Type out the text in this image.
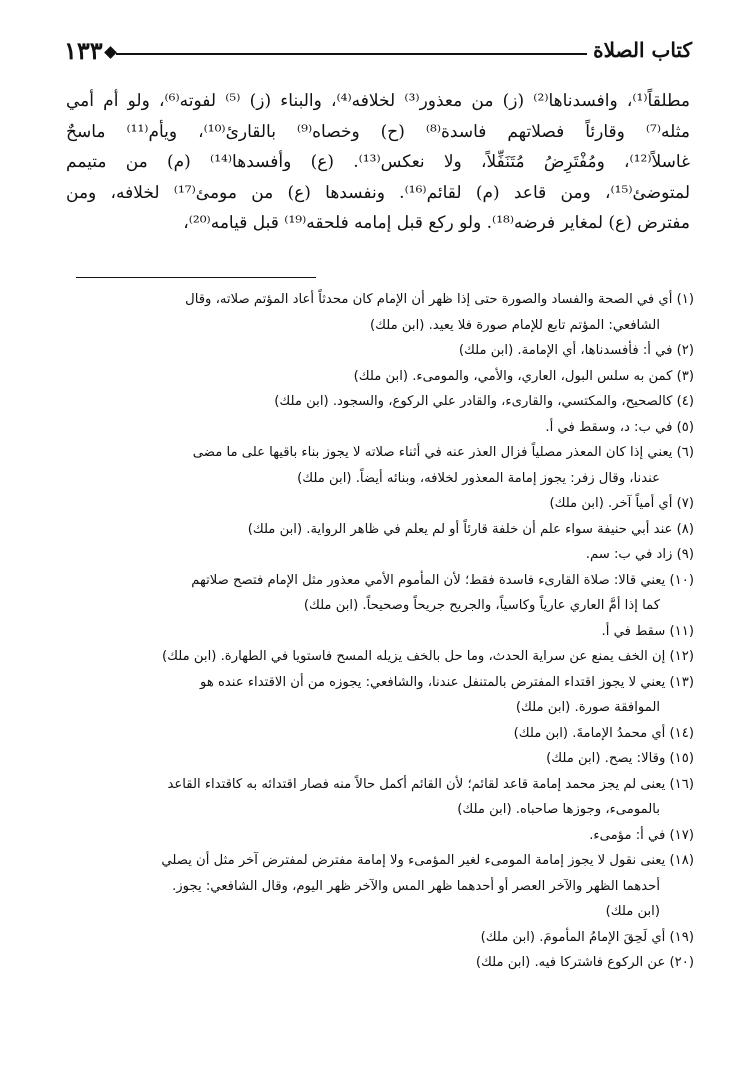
١٣٣	كتاب الصلاة
مطلقاً⁽¹⁾، وافسدناها⁽²⁾ (ز) من معذور⁽³⁾ لخلافه⁽⁴⁾، والبناء (ز) ⁽⁵⁾ لفوته⁽⁶⁾، ولو أم أمي
مثله⁽⁷⁾ وقارئاً فصلاتهم فاسدة⁽⁸⁾ (ح) وخصاه⁽⁹⁾ بالقارئ⁽¹⁰⁾، ويأم⁽¹¹⁾ ماسحٌ
غاسلاً⁽¹²⁾، ومُفْتَرِضُ مُتَنَفِّلاً، ولا نعكس⁽¹³⁾. (ع) وأفسدها⁽¹⁴⁾ (م) من متيمم
لمتوضئ⁽¹⁵⁾، ومن قاعد (م) لقائم⁽¹⁶⁾. ونفسدها (ع) من مومئ⁽¹⁷⁾ لخلافه، ومن
مفترض (ع) لمغاير فرضه⁽¹⁸⁾. ولو ركع قبل إمامه فلحقه⁽¹⁹⁾ قبل قيامه⁽²⁰⁾،
(١) أي في الصحة والفساد والصورة حتى إذا ظهر أن الإمام كان محدثاً أعاد المؤتم صلاته، وقال
الشافعي: المؤتم تابع للإمام صورة فلا يعيد. (ابن ملك)
(٢) في أ: فأفسدناها، أي الإمامة. (ابن ملك)
(٣) كمن به سلس البول، العاري، والأمي، والمومىء. (ابن ملك)
(٤) كالصحيح، والمكتسي، والقارىء، والقادر علي الركوع، والسجود. (ابن ملك)
(٥) في ب: د، وسقط في أ.
(٦) يعني إذا كان المعذر مصلياً فزال العذر عنه في أثناء صلاته لا يجوز بناء باقيها على ما مضى
عندنا، وقال زفر: يجوز إمامة المعذور لخلافه، وبنائه أيضاً. (ابن ملك)
(٧) أي أمياً آخر. (ابن ملك)
(٨) عند أبي حنيفة سواء علم أن خلفة قارئاً أو لم يعلم في ظاهر الرواية. (ابن ملك)
(٩) زاد في ب: سم.
(١٠) يعني قالا: صلاة القارىء فاسدة فقط؛ لأن المأموم الأمي معذور مثل الإمام فتصح صلاتهم
كما إذا أمَّ العاري عارياً وكاسياً، والجريح جريحاً وصحيحاً. (ابن ملك)
(١١) سقط في أ.
(١٢) إن الخف يمنع عن سراية الحدث، وما حل بالخف يزيله المسح فاستويا في الطهارة. (ابن ملك)
(١٣) يعني لا يجوز اقتداء المفترض بالمتنفل عندنا، والشافعي: يجوزه من أن الاقتداء عنده هو
الموافقة صورة. (ابن ملك)
(١٤) أي محمدُ الإمامةَ. (ابن ملك)
(١٥) وقالا: يصح. (ابن ملك)
(١٦) يعنى لم يجز محمد إمامة قاعد لقائم؛ لأن القائم أكمل حالاً منه فصار اقتدائه به كاقتداء القاعد
بالمومىء، وجوزها صاحباه. (ابن ملك)
(١٧) في أ: مؤمىء.
(١٨) يعنى نقول لا يجوز إمامة المومىء لغير المؤمىء ولا إمامة مفترض لمفترض آخر مثل أن يصلي
أحدهما الظهر والآخر العصر أو أحدهما ظهر المس والآخر ظهر اليوم، وقال الشافعي: يجوز.
(ابن ملك)
(١٩) أي لَحِقَ الإمامُ المأمومَ. (ابن ملك)
(٢٠) عن الركوع فاشتركا فيه. (ابن ملك)
